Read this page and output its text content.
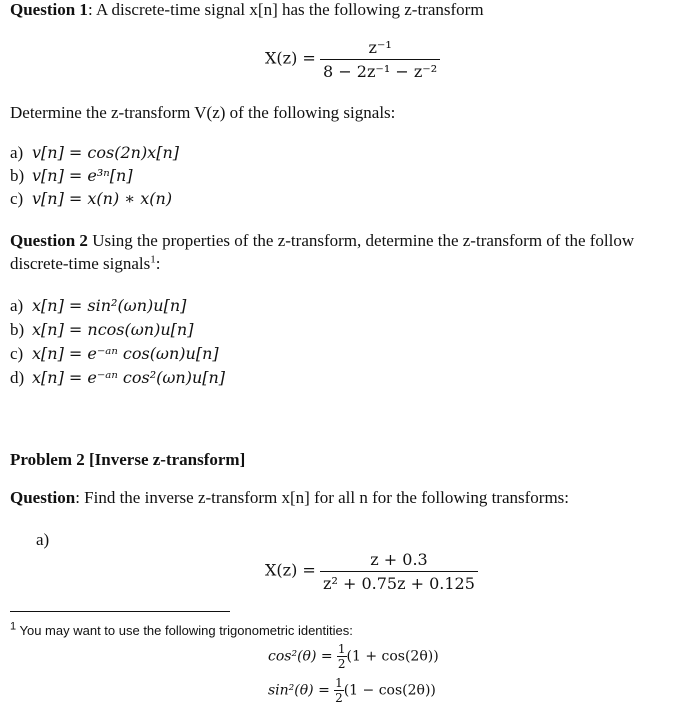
Question 1: A discrete-time signal x[n] has the following z-transform
$X(z) = \frac{\text{z⁻¹}}{\text{8 − 2z⁻¹ − z⁻²}}$
Determine the z-transform V(z) of the following signals:
a) v[n] = cos(2n)x[n]
b) v[n] = e³ⁿ[n]
c) v[n] = x(n) ∗ x(n)
Question 2 Using the properties of the z-transform, determine the z-transform of the follow
discrete-time signals$^1$:
a) x[n] = sin²(ωn)u[n]
b) x[n] = ncos(ωn)u[n]
c) x[n] = e⁻ᵃⁿ cos(ωn)u[n]
d) x[n] = e⁻ᵃⁿ cos²(ωn)u[n]
Problem 2 [Inverse z-transform]
Question: Find the inverse z-transform x[n] for all n for the following transforms:
a)
$X(z) = \frac{z + 0.3}{\text{z² + 0.75z + 0.125}}$
$^1$ You may want to use the following trigonometric identities:
$\cos^2(\theta) = \frac{1}{2} (1 + \cos(2\theta))$
$\sin^2(\theta) = \frac{1}{2} (1 - \cos(2\theta))$
